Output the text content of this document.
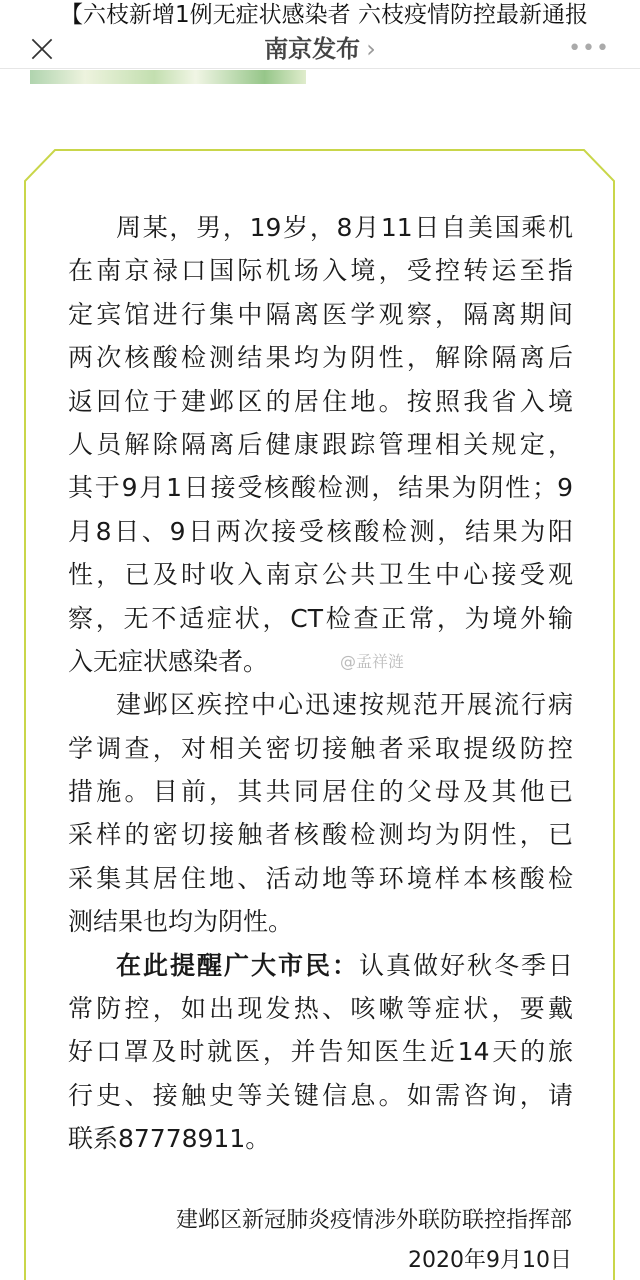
南京发布 ›	•••
【六枝新增1例无症状感染者 六枝疫情防控最新通报
@孟祥涟
周某，男，19岁，8月11日自美国乘机
在南京禄口国际机场入境，受控转运至指
定宾馆进行集中隔离医学观察，隔离期间
两次核酸检测结果均为阴性，解除隔离后
返回位于建邺区的居住地。按照我省入境
人员解除隔离后健康跟踪管理相关规定，
其于9月1日接受核酸检测，结果为阴性；9
月8日、9日两次接受核酸检测，结果为阳
性，已及时收入南京公共卫生中心接受观
察，无不适症状，CT检查正常，为境外输
入无症状感染者。
建邺区疾控中心迅速按规范开展流行病
学调查，对相关密切接触者采取提级防控
措施。目前，其共同居住的父母及其他已
采样的密切接触者核酸检测均为阴性，已
采集其居住地、活动地等环境样本核酸检
测结果也均为阴性。
在此提醒广大市民：认真做好秋冬季日
常防控，如出现发热、咳嗽等症状，要戴
好口罩及时就医，并告知医生近14天的旅
行史、接触史等关键信息。如需咨询，请
联系87778911。
建邺区新冠肺炎疫情涉外联防联控指挥部
2020年9月10日
